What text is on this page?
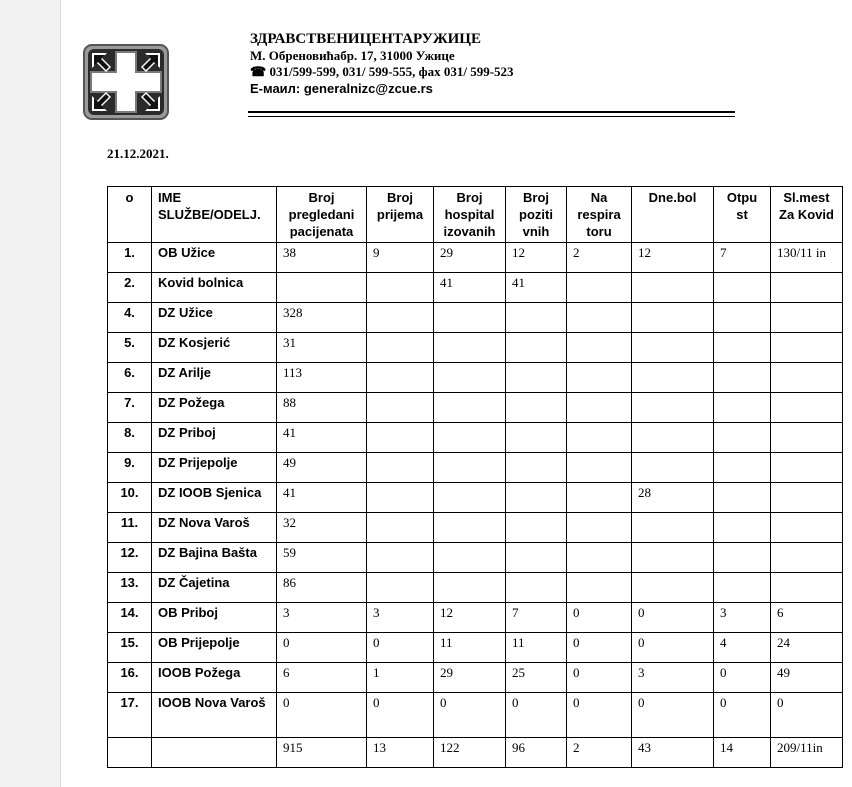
ЗДРАВСТВЕНИЦЕНТАРУЖИЦЕ
М. Обреновићабр. 17, 31000 Ужице
☎ 031/599-599, 031/ 599-555, фах 031/ 599-523
Е-маил: generalnizc@zcue.rs
21.12.2021.
o	IME SLUŽBE/ODELJ.	Broj pregledani pacijenata	Broj prijema	Broj hospital izovanih	Broj poziti vnih	Na respira toru	Dne.bol	Otpu st	Sl.mest Za Kovid
1.	OB Užice	38	9	29	12	2	12	7	130/11 in
2.	Kovid bolnica			41	41				
4.	DZ Užice	328							
5.	DZ Kosjerić	31							
6.	DZ Arilje	113							
7.	DZ Požega	88							
8.	DZ Priboj	41							
9.	DZ Prijepolje	49							
10.	DZ IOOB Sjenica	41					28		
11.	DZ Nova Varoš	32							
12.	DZ Bajina Bašta	59							
13.	DZ Čajetina	86							
14.	OB Priboj	3	3	12	7	0	0	3	6
15.	OB Prijepolje	0	0	11	11	0	0	4	24
16.	IOOB Požega	6	1	29	25	0	3	0	49
17.	IOOB Nova Varoš	0	0	0	0	0	0	0	0
		915	13	122	96	2	43	14	209/11in
